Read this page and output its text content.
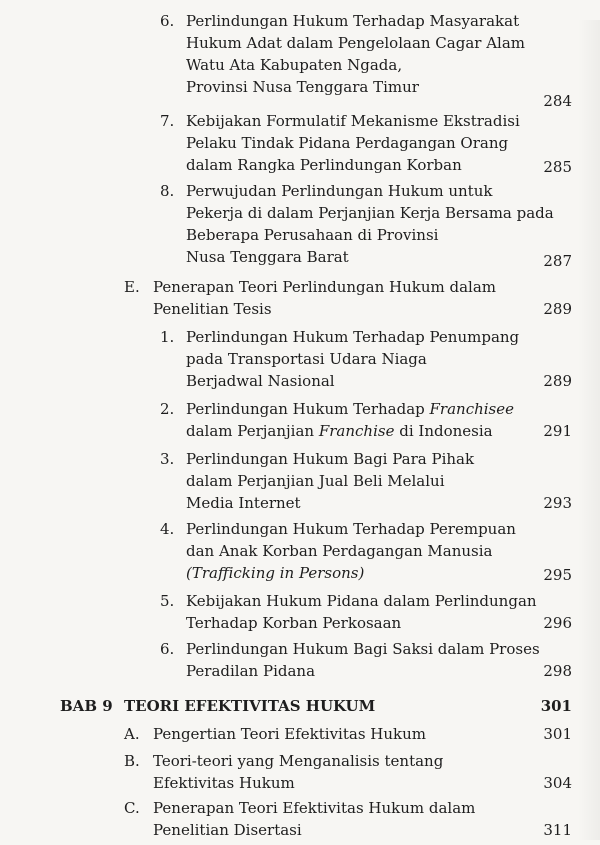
6. Perlindungan Hukum Terhadap Masyarakat
Hukum Adat dalam Pengelolaan Cagar Alam
Watu Ata Kabupaten Ngada,
Provinsi Nusa Tenggara Timur
284
7. Kebijakan Formulatif Mekanisme Ekstradisi
Pelaku Tindak Pidana Perdagangan Orang
dalam Rangka Perlindungan Korban	285
8. Perwujudan Perlindungan Hukum untuk
Pekerja di dalam Perjanjian Kerja Bersama pada
Beberapa Perusahaan di Provinsi
Nusa Tenggara Barat	287
E. Penerapan Teori Perlindungan Hukum dalam
Penelitian Tesis	289
1. Perlindungan Hukum Terhadap Penumpang
pada Transportasi Udara Niaga
Berjadwal Nasional	289
2. Perlindungan Hukum Terhadap Franchisee
dalam Perjanjian Franchise di Indonesia	291
3. Perlindungan Hukum Bagi Para Pihak
dalam Perjanjian Jual Beli Melalui
Media Internet	293
4. Perlindungan Hukum Terhadap Perempuan
dan Anak Korban Perdagangan Manusia
(Trafficking in Persons)	295
5. Kebijakan Hukum Pidana dalam Perlindungan
Terhadap Korban Perkosaan	296
6. Perlindungan Hukum Bagi Saksi dalam Proses
Peradilan Pidana	298
BAB 9 TEORI EFEKTIVITAS HUKUM	301
A. Pengertian Teori Efektivitas Hukum	301
B. Teori-teori yang Menganalisis tentang
Efektivitas Hukum	304
C. Penerapan Teori Efektivitas Hukum dalam
Penelitian Disertasi	311
